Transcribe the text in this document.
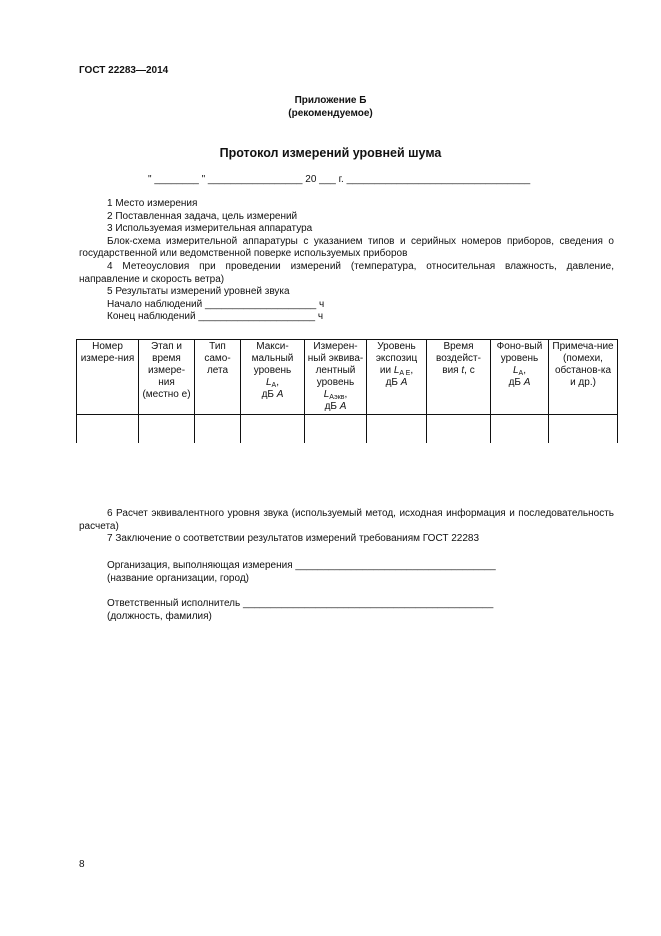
ГОСТ 22283—2014
Приложение Б
(рекомендуемое)
Протокол измерений уровней шума
" ________ " _________________ 20 ___ г. _________________________________

1 Место измерения

2 Поставленная задача, цель измерений

3 Используемая измерительная аппаратура

Блок-схема измерительной аппаратуры с указанием типов и серийных номеров приборов, сведения о государственной или ведомственной поверке используемых приборов

4 Метеоусловия при проведении измерений (температура, относительная влажность, давление, направление и скорость ветра)

5 Результаты измерений уровней звука

Начало наблюдений ____________________ ч

Конец наблюдений _____________________ ч

Номер измере-ния	Этап и время измере-ния (местно е)	Тип само-лета	Макси-мальный уровень
$L_A$,
дБ А	Измерен-ный эквива-лентный уровень
$L_{Аэкв}$,
дБ А	Уровень экспозиц ии $L_{A E}$,
дБ А	Время воздейст-вия t, с	Фоно-вый уровень
$L_A$,
дБ А	Примеча-ние (помехи, обстанов-ка и др.)

6 Расчет эквивалентного уровня звука (используемый метод, исходная информация и последовательность расчета)

7 Заключение о соответствии результатов измерений требованиям ГОСТ 22283

Организация, выполняющая измерения ____________________________________

(название организации, город)

Ответственный исполнитель _____________________________________________

(должность, фамилия)

8
